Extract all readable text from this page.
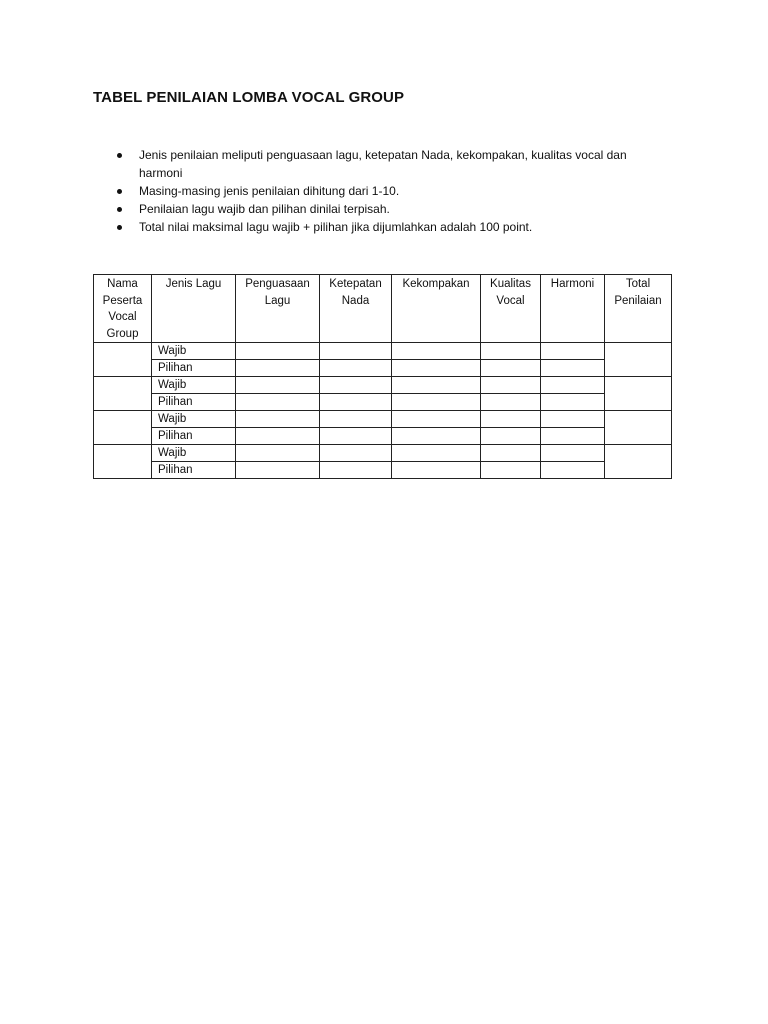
TABEL PENILAIAN LOMBA VOCAL GROUP
Jenis penilaian meliputi penguasaan lagu, ketepatan Nada, kekompakan, kualitas vocal dan harmoni
Masing-masing jenis penilaian dihitung dari 1-10.
Penilaian lagu wajib dan pilihan dinilai terpisah.
Total nilai maksimal lagu wajib + pilihan jika dijumlahkan adalah 100 point.
Nama Peserta Vocal Group	Jenis Lagu	Penguasaan Lagu	Ketepatan Nada	Kekompakan	Kualitas Vocal	Harmoni	Total Penilaian
	Wajib						
	Pilihan						
	Wajib						
	Pilihan						
	Wajib						
	Pilihan						
	Wajib						
	Pilihan						
